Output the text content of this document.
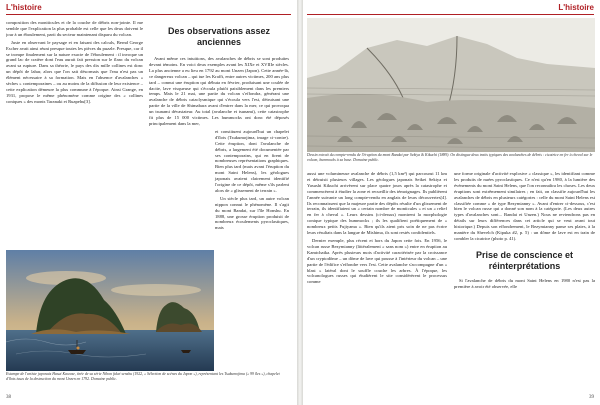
L'histoire

composition des moniticules et de la couche de débris non-jointe. Il me semble que l'explication la plus probable est celle que les deux doivent le jour à un éboulement, parti du secteur maintenant disparu du volcan.

Juste en observant le paysage et en faisant des calculs, Bernd George Escher avait ainsi réuni presque toutes les pièces du puzzle. Presque, car il se trompe finalement sur la nature exacte de l'éboulement : il invoque un grand lac de cratère dont l'eau aurait fait pression sur le flanc du volcan avant sa rupture. Dans sa théorie, le pays des dix mille collines est donc un dépôt de lahar, alors que l'on sait désormais que l'eau n'est pas un élément nécessaire à sa formation. Mais en l'absence d'avalanches « sèches » contemporaines – ou au moins de la diffusion de leur existence – cette explication démeure la plus commune à l'époque. Ainsi Grange, en 1931, propose le même phénomène comme origine des « collines coniques » des monts Taranaki et Ruapehu[3].

Des observations assez anciennes

Avant même ces intuitions, des avalanches de débris se sont produites devant témoins. En voici deux exemples avant les XIXe et XVIIIe siècles. La plus ancienne a eu lieu en 1792 au mont Unzen (Japon). Cette année-là, ce dangereux volcan – qui tue les Krafft, entre autres victimes, 200 ans plus tard – connut une éruption qui débuta en février, produisant une coulée de dacite, lave visqueuse qui s'écoula plutôt paisiblement dans les premiers temps. Mais le 21 mai, une partie du volcan s'effondra, générant une avalanche de débris cataclysmique qui s'écoula vers l'est, détruisant une partie de la ville de Shimabara avant d'entrer dans la mer, ce qui provoqua un tsunami dévastateur. Au total (avalanche et tsunami), cette catastrophe fit plus de 15 000 victimes. Les hummocks ont donc été déposés principalement dans la mer,

et constituent aujourd'hui un chapelet d'îlots (Tsukumojima, image ci-contre). Cette éruption, dont l'avalanche de débris, a largement été documentée par ses contemporains, qui en firent de nombreuses représentations graphiques. Bien plus tard (mais avant l'éruption du mont Saint Helens), les géologues japonais avaient clairement identifié l'origine de ce dépôt, même s'ils parlent alors de « glissement de terrain ».

Un siècle plus tard, un autre volcan nippon connut le phénomène. Il s'agit du mont Bandai, sur l'île Honshu. En 1888, une grosse éruption produisit de nombreux écoulements pyroclastiques, mais

Estampe de l'artiste japonais Hasui Kawase, tirée de sa série Nihon fukei senshu (1922, « Sélection de scènes du Japon »), représentant les Tsukumojima (« 99 îles »), chapelet d'îlots issus de la destruction du mont Unzen en 1792. Domaine public.
38
L'histoire
Dessin extrait du compte-rendu de l'éruption du mont Bandai par Sekiya & Kikuchi (1889). On distingue deux traits typiques des avalanches de débris : cicatrice en fer à cheval sur le volcan, hummocks à sa base. Domaine public.

aussi une volumineuse avalanche de débris (1,5 km³) qui parcourut 11 km et détruisit plusieurs villages. Les géologues japonais Seikei Sekiya et Yasushi Kikuchi arrivèrent sur place quatre jours après la catastrophe et commencèrent à étudier la zone et recueillir des témoignages. Ils publièrent l'année suivante un long compte-rendu en anglais de leurs découvertes[4]. Ils reconnaissent que la majeure partie des dépôts résulte d'un glissement de terrain, ils identifiaient un « certain nombre de monticules » et un « relief en fer à cheval ». Leurs dessins (ci-dessus) montrent la morphologie conique typique des hummocks ; ils les qualifient poétiquement de « nombreux petits Fujiyama ». Bien qu'ils aient pris soin de ne pas écrire leurs résultats dans la langue de Mishima, ils sont restés confidentiels.

Dernier exemple, plus récent et hors du Japon cette fois. En 1956, le volcan russe Bezymianny (littéralement « sans nom ») entre en éruption au Kamtchatka. Après plusieurs mois d'activité caractérisée par la croissance d'un cryptodôme – un dôme de lave qui pousse à l'intérieur du volcan – une partie de l'édifice s'effondre vers l'est. Cette avalanche s'accompagne d'un « blast » latéral dont le souffle couche les arbres. À l'époque, les volcanologues russes qui étudièrent le site considérèrent le processus comme

une forme originale d'activité explosive « classique », les identifiant comme les produits de nuées pyroclastiques. Ce n'est qu'en 1980, à la lumière des événements du mont Saint Helens, que l'on reconnaîtra les choses. Les deux éruptions sont extrêmement similaires ; en fait, on classifie aujourd'hui les avalanches de débris en plusieurs catégories : celle du mont Saint Helens est classifiée comme « de type Bezymianny ». Avant d'entrer ci-dessous, c'est bien le volcan russe qui a donné son nom à la catégorie. (Les deux autres types d'avalanches sont... Bandai et Unzen.) Nous ne reviendrons pas en détails sur leurs différences dans cet article qui se veut avant tout historique.) Depuis son effondrement, le Bezymianny panse ses plaies, à la manière du Shevelch (Kipuka #2, p. 5) : un dôme de lave est en train de combler la cicatrice (photo p. 41).

Prise de conscience et réinterprétations

Si l'avalanche de débris du mont Saint Helens en 1980 n'est pas la première à avoir été observée, elle

39
